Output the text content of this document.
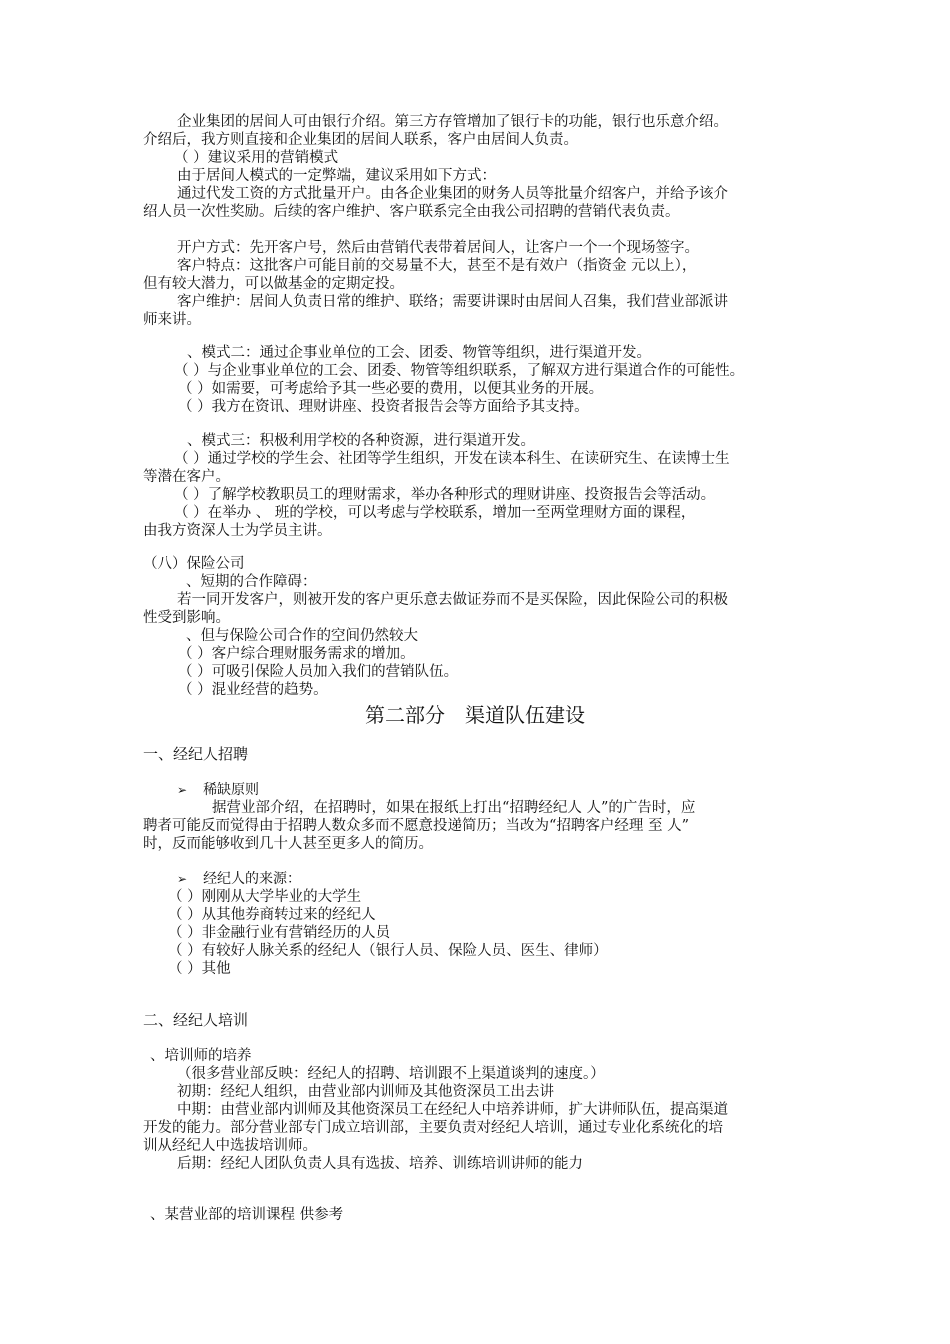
企业集团的居间人可由银行介绍。第三方存管增加了银行卡的功能，银行也乐意介绍。
介绍后，我方则直接和企业集团的居间人联系，客户由居间人负责。
（ ）建议采用的营销模式
由于居间人模式的一定弊端，建议采用如下方式：
通过代发工资的方式批量开户。由各企业集团的财务人员等批量介绍客户，并给予该介
绍人员一次性奖励。后续的客户维护、客户联系完全由我公司招聘的营销代表负责。
开户方式：先开客户号，然后由营销代表带着居间人，让客户一个一个现场签字。
客户特点：这批客户可能目前的交易量不大，甚至不是有效户（指资金 元以上），
但有较大潜力，可以做基金的定期定投。
客户维护：居间人负责日常的维护、联络；需要讲课时由居间人召集，我们营业部派讲
师来讲。
、模式二：通过企事业单位的工会、团委、物管等组织，进行渠道开发。
（ ）与企业事业单位的工会、团委、物管等组织联系，了解双方进行渠道合作的可能性。
（ ）如需要，可考虑给予其一些必要的费用，以便其业务的开展。
（ ）我方在资讯、理财讲座、投资者报告会等方面给予其支持。
、模式三：积极利用学校的各种资源，进行渠道开发。
（ ）通过学校的学生会、社团等学生组织，开发在读本科生、在读研究生、在读博士生
等潜在客户。
（ ）了解学校教职员工的理财需求，举办各种形式的理财讲座、投资报告会等活动。
（ ）在举办 、 班的学校，可以考虑与学校联系，增加一至两堂理财方面的课程，
由我方资深人士为学员主讲。
（八）保险公司
、短期的合作障碍：
若一同开发客户，则被开发的客户更乐意去做证券而不是买保险，因此保险公司的积极
性受到影响。
、但与保险公司合作的空间仍然较大
（ ）客户综合理财服务需求的增加。
（ ）可吸引保险人员加入我们的营销队伍。
（ ）混业经营的趋势。
第二部分　渠道队伍建设
一、经纪人招聘
➢ 稀缺原则
据营业部介绍，在招聘时，如果在报纸上打出“招聘经纪人 人”的广告时，应
聘者可能反而觉得由于招聘人数众多而不愿意投递简历；当改为“招聘客户经理 至 人”
时，反而能够收到几十人甚至更多人的简历。
➢ 经纪人的来源：
（ ）刚刚从大学毕业的大学生
（ ）从其他券商转过来的经纪人
（ ）非金融行业有营销经历的人员
（ ）有较好人脉关系的经纪人（银行人员、保险人员、医生、律师）
（ ）其他
二、经纪人培训
、培训师的培养
（很多营业部反映：经纪人的招聘、培训跟不上渠道谈判的速度。）
初期：经纪人组织，由营业部内训师及其他资深员工出去讲
中期：由营业部内训师及其他资深员工在经纪人中培养讲师，扩大讲师队伍，提高渠道
开发的能力。部分营业部专门成立培训部，主要负责对经纪人培训，通过专业化系统化的培
训从经纪人中选拔培训师。
后期：经纪人团队负责人具有选拔、培养、训练培训讲师的能力
、某营业部的培训课程 供参考
